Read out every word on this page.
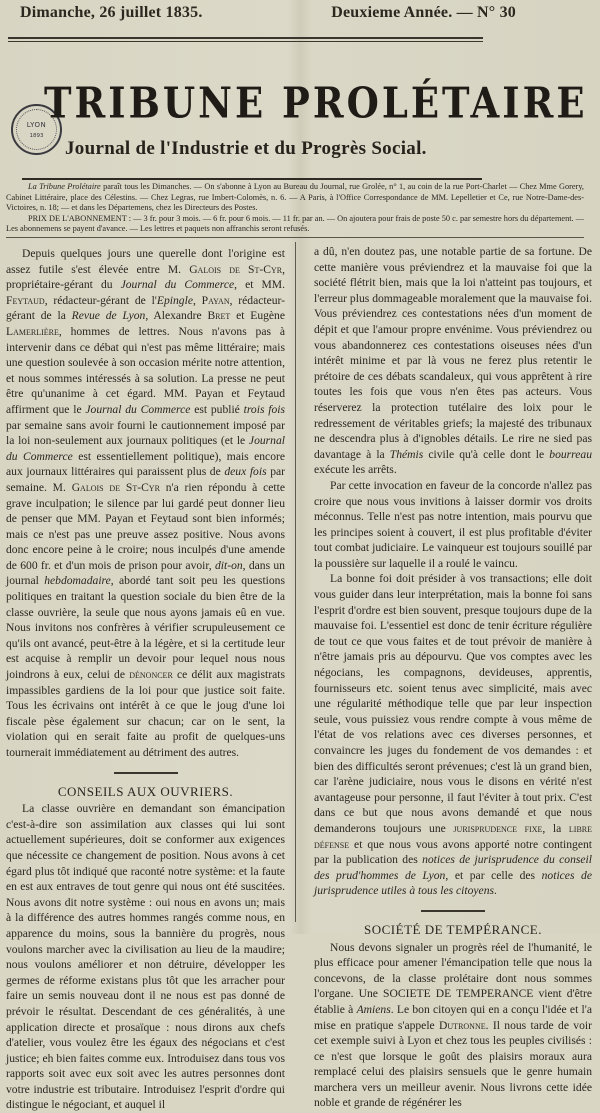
Dimanche, 26 juillet 1835.	Deuxieme Année. — N° 30
LYON
1893
TRIBUNE PROLÉTAIRE
Journal de l'Industrie et du Progrès Social.

La Tribune Prolétaire paraît tous les Dimanches. — On s'abonne à Lyon au Bureau du Journal, rue Grolée, n° 1, au coin de la rue Port-Charlet — Chez Mme Gorery, Cabinet Littéraire, place des Célestins. — Chez Legras, rue Imbert-Colomès, n. 6. — A Paris, à l'Office Correspondance de MM. Lepelletier et Ce, rue Notre-Dame-des-Victoires, n. 18; — et dans les Départemens, chez les Directeurs des Postes.

PRIX DE L'ABONNEMENT : — 3 fr. pour 3 mois. — 6 fr. pour 6 mois. — 11 fr. par an. — On ajoutera pour frais de poste 50 c. par semestre hors du département. — Les abonnemens se payent d'avance. — Les lettres et paquets non affranchis seront refusés.

Depuis quelques jours une querelle dont l'origine est assez futile s'est élevée entre M. Galois de St-Cyr, propriétaire-gérant du Journal du Commerce, et MM. Feytaud, rédacteur-gérant de l'Epingle, Payan, rédacteur-gérant de la Revue de Lyon, Alexandre Bret et Eugène Lamerlière, hommes de lettres. Nous n'avons pas à intervenir dans ce débat qui n'est pas même littéraire; mais une question soulevée à son occasion mérite notre attention, et nous sommes intéressés à sa solution. La presse ne peut être qu'unanime à cet égard. MM. Payan et Feytaud affirment que le Journal du Commerce est publié trois fois par semaine sans avoir fourni le cautionnement imposé par la loi non-seulement aux journaux politiques (et le Journal du Commerce est essentiellement politique), mais encore aux journaux littéraires qui paraissent plus de deux fois par semaine. M. Galois de St-Cyr n'a rien répondu à cette grave inculpation; le silence par lui gardé peut donner lieu de penser que MM. Payan et Feytaud sont bien informés; mais ce n'est pas une preuve assez positive. Nous avons donc encore peine à le croire; nous inculpés d'une amende de 600 fr. et d'un mois de prison pour avoir, dit-on, dans un journal hebdomadaire, abordé tant soit peu les questions politiques en traitant la question sociale du bien être de la classe ouvrière, la seule que nous ayons jamais eû en vue. Nous invitons nos confrères à vérifier scrupuleusement ce qu'ils ont avancé, peut-être à la légère, et si la certitude leur est acquise à remplir un devoir pour lequel nous nous joindrons à eux, celui de dénoncer ce délit aux magistrats impassibles gardiens de la loi pour que justice soit faite. Tous les écrivains ont intérêt à ce que le joug d'une loi fiscale pèse également sur chacun; car on le sent, la violation qui en serait faite au profit de quelques-uns tournerait immédiatement au détriment des autres.

CONSEILS AUX OUVRIERS.

La classe ouvrière en demandant son émancipation c'est-à-dire son assimilation aux classes qui lui sont actuellement supérieures, doit se conformer aux exigences que nécessite ce changement de position. Nous avons à cet égard plus tôt indiqué que raconté notre système: et la faute en est aux entraves de tout genre qui nous ont été suscitées. Nous avons dit notre système : oui nous en avons un; mais à la différence des autres hommes rangés comme nous, en apparence du moins, sous la bannière du progrès, nous voulons marcher avec la civilisation au lieu de la maudire; nous voulons améliorer et non détruire, développer les germes de réforme existans plus tôt que les arracher pour faire un semis nouveau dont il ne nous est pas donné de prévoir le résultat. Descendant de ces généralités, à une application directe et prosaïque : nous dirons aux chefs d'atelier, vous voulez être les égaux des négocians et c'est justice; eh bien faites comme eux. Introduisez dans tous vos rapports soit avec eux soit avec les autres personnes dont votre industrie est tributaire. Introduisez l'esprit d'ordre qui distingue le négociant, et auquel il

a dû, n'en doutez pas, une notable partie de sa fortune. De cette manière vous préviendrez et la mauvaise foi que la société flétrit bien, mais que la loi n'atteint pas toujours, et l'erreur plus dommageable moralement que la mauvaise foi. Vous préviendrez ces contestations nées d'un moment de dépit et que l'amour propre envénime. Vous préviendrez ou vous abandonnerez ces contestations oiseuses nées d'un intérêt minime et par là vous ne ferez plus retentir le prétoire de ces débats scandaleux, qui vous apprêtent à rire toutes les fois que vous n'en êtes pas acteurs. Vous réserverez la protection tutélaire des loix pour le redressement de véritables griefs; la majesté des tribunaux ne descendra plus à d'ignobles détails. Le rire ne sied pas davantage à la Thémis civile qu'à celle dont le bourreau exécute les arrêts.

Par cette invocation en faveur de la concorde n'allez pas croire que nous vous invitions à laisser dormir vos droits méconnus. Telle n'est pas notre intention, mais pourvu que les principes soient à couvert, il est plus profitable d'éviter tout combat judiciaire. Le vainqueur est toujours souillé par la poussière sur laquelle il a roulé le vaincu.

La bonne foi doit présider à vos transactions; elle doit vous guider dans leur interprétation, mais la bonne foi sans l'esprit d'ordre est bien souvent, presque toujours dupe de la mauvaise foi. L'essentiel est donc de tenir écriture régulière de tout ce que vous faites et de tout prévoir de manière à n'être jamais pris au dépourvu. Que vos comptes avec les négocians, les compagnons, devideuses, apprentis, fournisseurs etc. soient tenus avec simplicité, mais avec une régularité méthodique telle que par leur inspection seule, vous puissiez vous rendre compte à vous même de l'état de vos relations avec ces diverses personnes, et convaincre les juges du fondement de vos demandes : et bien des difficultés seront prévenues; c'est là un grand bien, car l'arène judiciaire, nous vous le disons en vérité n'est avantageuse pour personne, il faut l'éviter à tout prix. C'est dans ce but que nous avons demandé et que nous demanderons toujours une jurisprudence fixe, la libre défense et que nous vous avons apporté notre contingent par la publication des notices de jurisprudence du conseil des prud'hommes de Lyon, et par celle des notices de jurisprudence utiles à tous les citoyens.

SOCIÉTÉ DE TEMPÉRANCE.

Nous devons signaler un progrès réel de l'humanité, le plus efficace pour amener l'émancipation telle que nous la concevons, de la classe prolétaire dont nous sommes l'organe. Une SOCIETE DE TEMPERANCE vient d'être établie à Amiens. Le bon citoyen qui en a conçu l'idée et l'a mise en pratique s'appele Dutronne. Il nous tarde de voir cet exemple suivi à Lyon et chez tous les peuples civilisés : ce n'est que lorsque le goût des plaisirs moraux aura remplacé celui des plaisirs sensuels que le genre humain marchera vers un meilleur avenir. Nous livrons cette idée noble et grande de régénérer les
